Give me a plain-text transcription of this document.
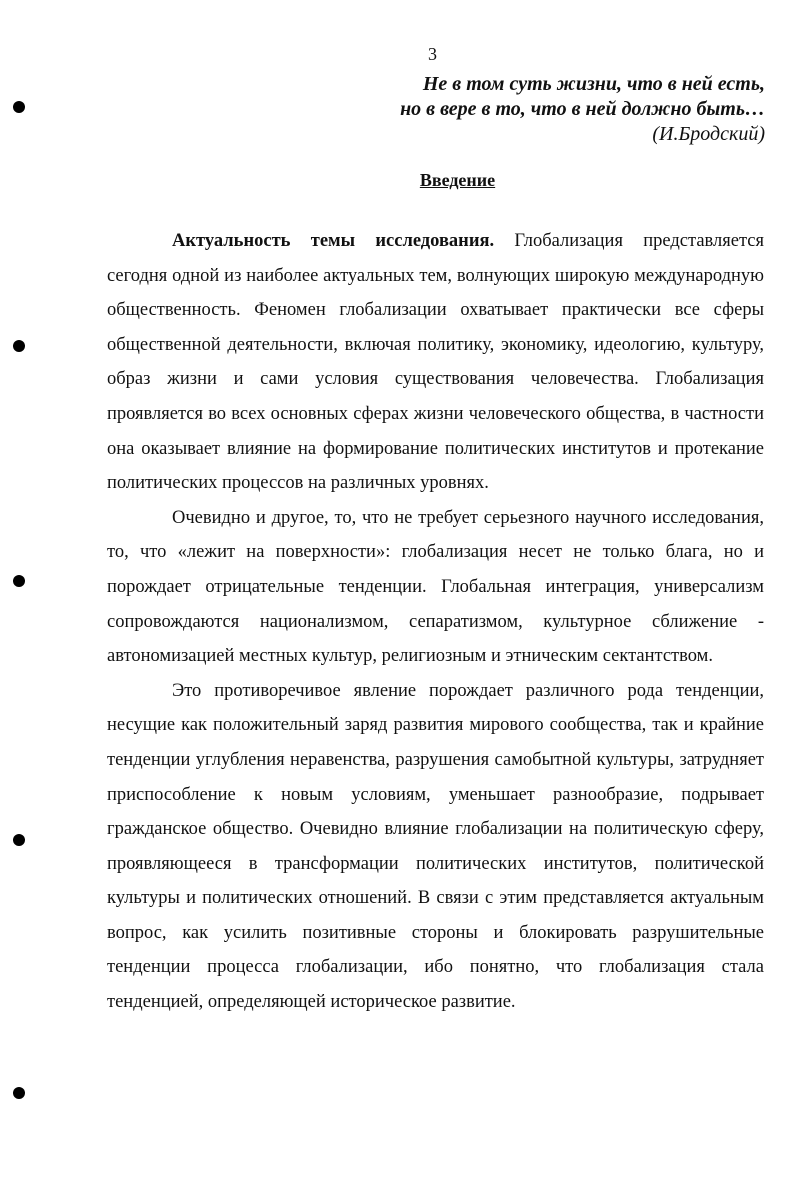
3
Не в том суть жизни, что в ней есть,
но в вере в то, что в ней должно быть…
(И.Бродский)
Введение

Актуальность темы исследования. Глобализация представляется сегодня одной из наиболее актуальных тем, волнующих широкую международную общественность. Феномен глобализации охватывает практически все сферы общественной деятельности, включая политику, экономику, идеологию, культуру, образ жизни и сами условия существования человечества. Глобализация проявляется во всех основных сферах жизни человеческого общества, в частности она оказывает влияние на формирование политических институтов и протекание политических процессов на различных уровнях.

Очевидно и другое, то, что не требует серьезного научного исследования, то, что «лежит на поверхности»: глобализация несет не только блага, но и порождает отрицательные тенденции. Глобальная интеграция, универсализм сопровождаются национализмом, сепаратизмом, культурное сближение - автономизацией местных культур, религиозным и этническим сектантством.

Это противоречивое явление порождает различного рода тенденции, несущие как положительный заряд развития мирового сообщества, так и крайние тенденции углубления неравенства, разрушения самобытной культуры, затрудняет приспособление к новым условиям, уменьшает разнообразие, подрывает гражданское общество. Очевидно влияние глобализации на политическую сферу, проявляющееся в трансформации политических институтов, политической культуры и политических отношений. В связи с этим представляется актуальным вопрос, как усилить позитивные стороны и блокировать разрушительные тенденции процесса глобализации, ибо понятно, что глобализация стала тенденцией, определяющей историческое развитие.
